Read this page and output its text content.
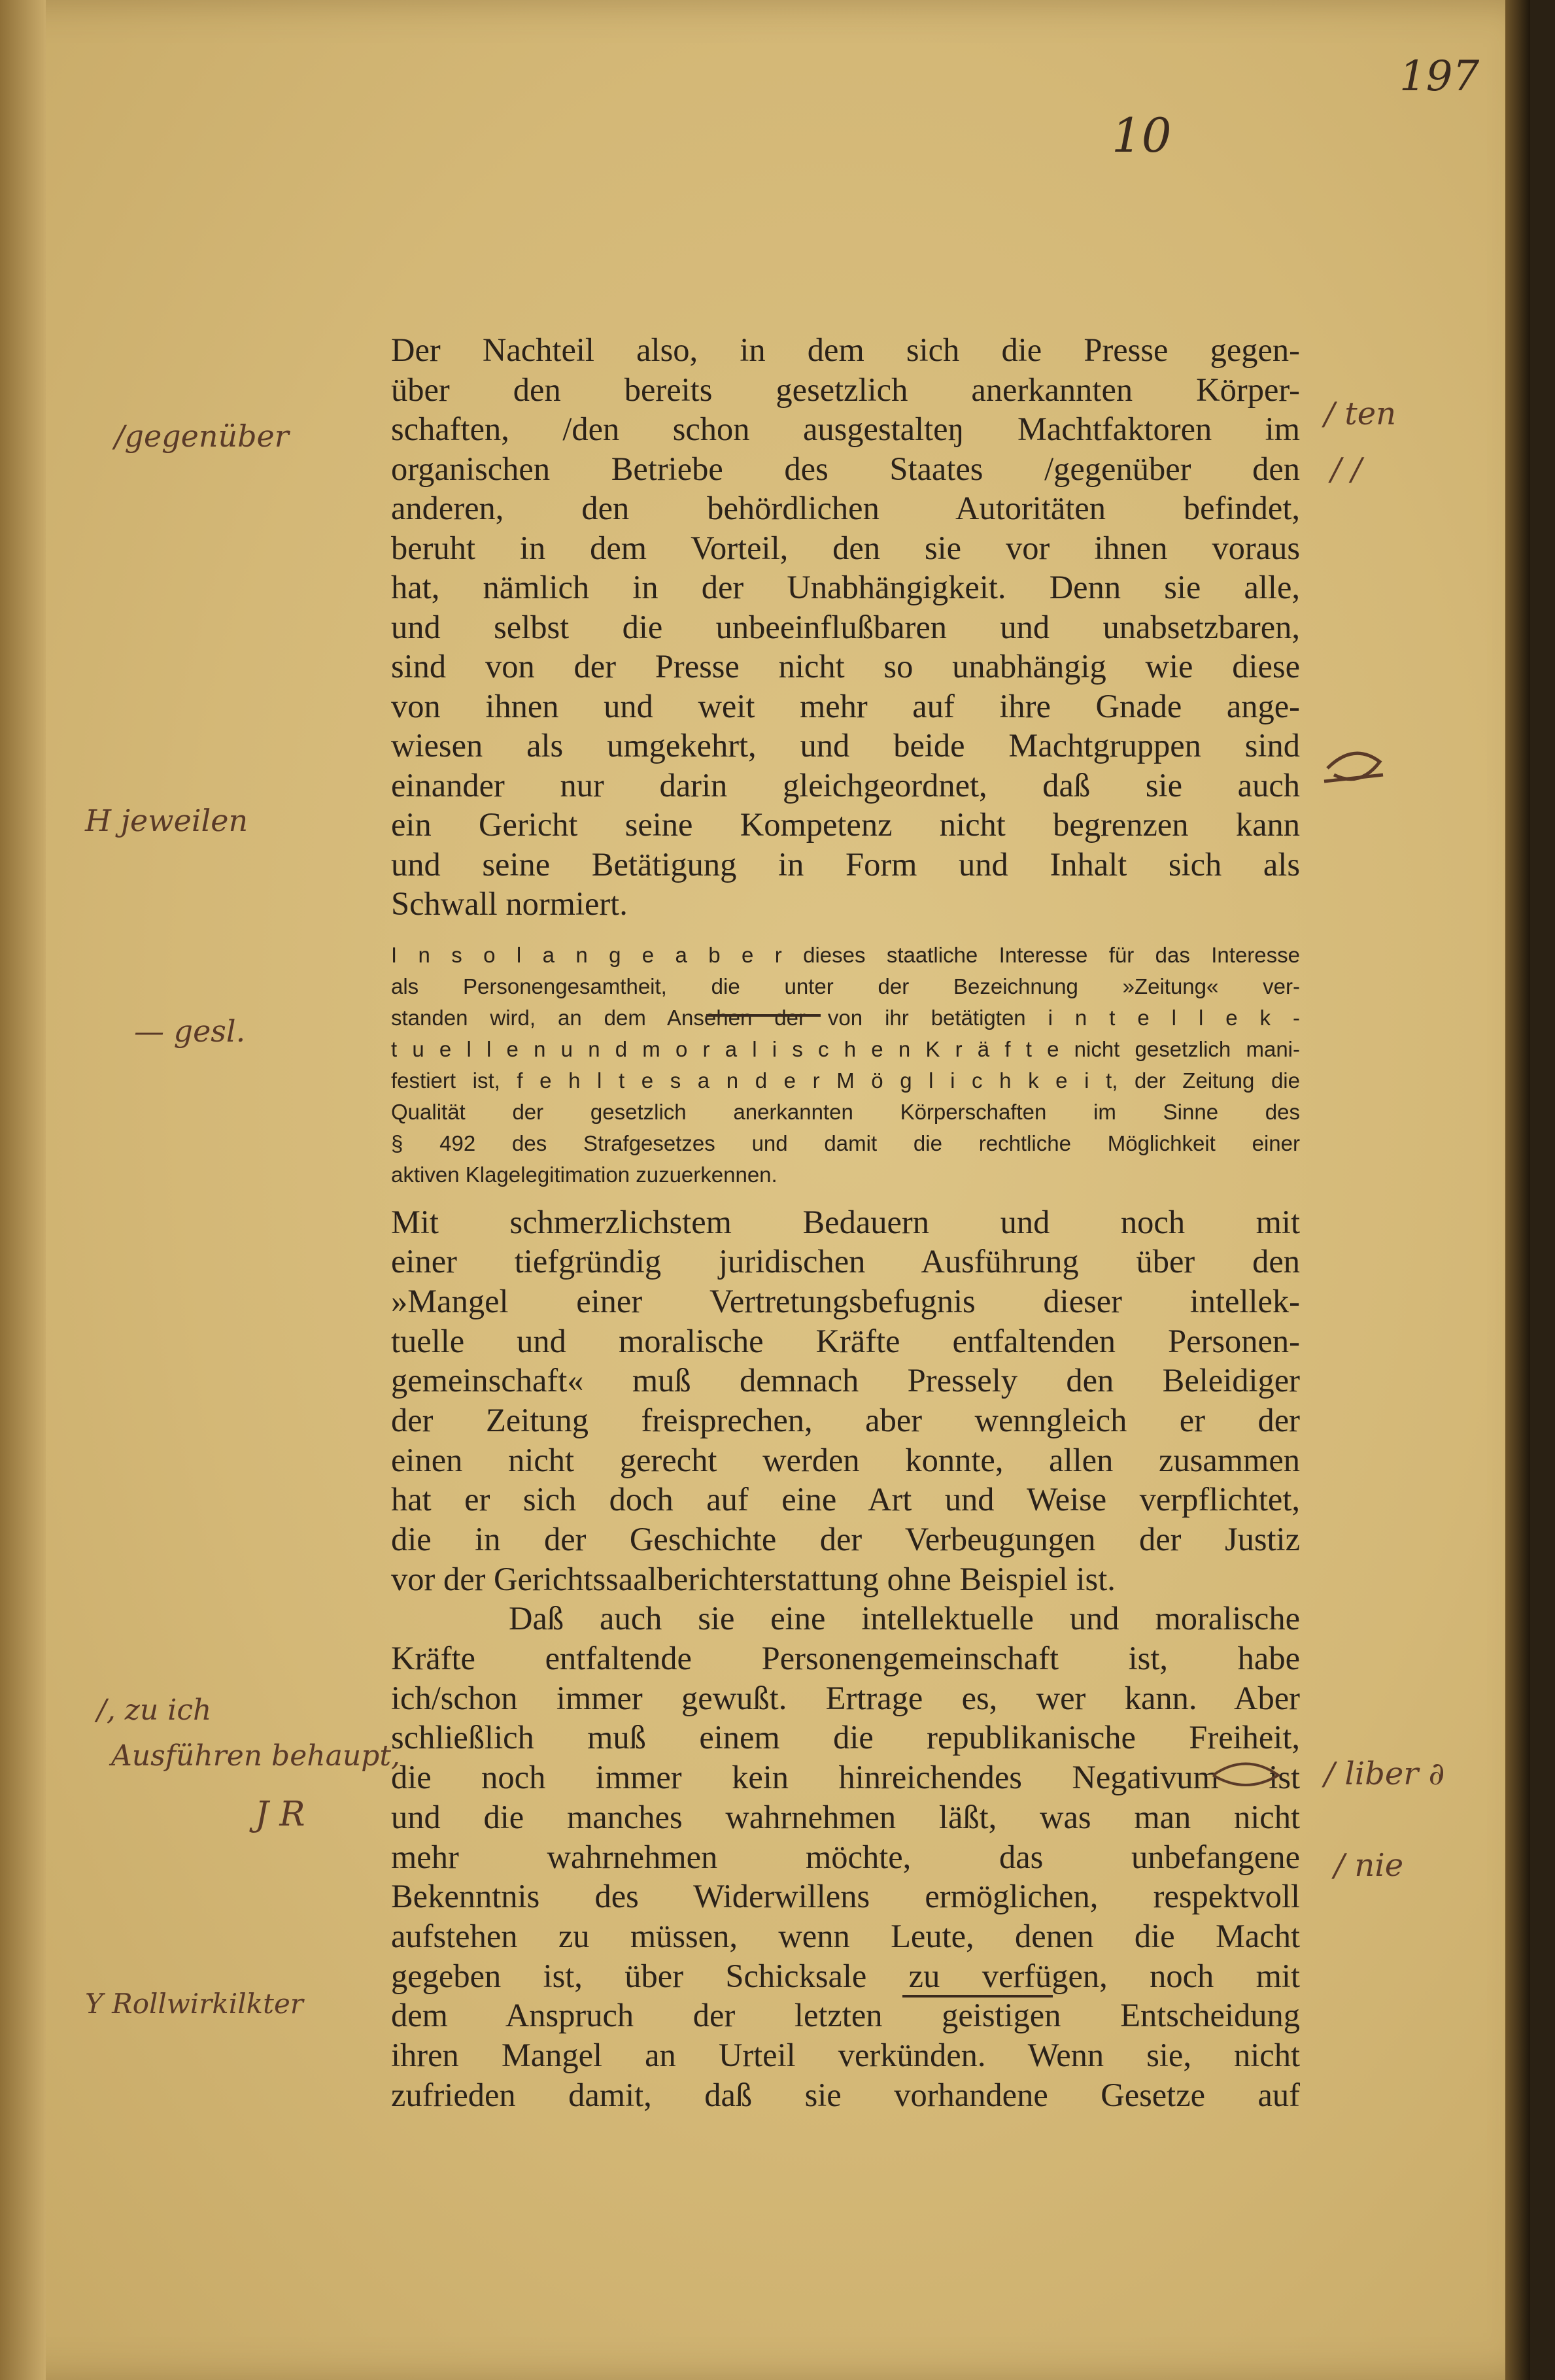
197
10
Der Nachteil also, in dem sich die Presse gegen-
über den bereits gesetzlich anerkannten Körper-
schaften, /den schon ausgestalteŋ Machtfaktoren im
organischen Betriebe des Staates /gegenüber den
anderen, den behördlichen Autoritäten befindet,
beruht in dem Vorteil, den sie vor ihnen voraus
hat, nämlich in der Unabhängigkeit. Denn sie alle,
und selbst die unbeeinflußbaren und unabsetzbaren,
sind von der Presse nicht so unabhängig wie diese
von ihnen und weit mehr auf ihre Gnade ange-
wiesen als umgekehrt, und beide Machtgruppen sind
einander nur darin gleichgeordnet, daß sie auch
ein Gericht seine Kompetenz nicht begrenzen kann
und seine Betätigung in Form und Inhalt sich als
Schwall normiert.
I n s o l a n g e a b e r dieses staatliche Interesse für das Interesse
als Personengesamtheit, die unter der Bezeichnung »Zeitung« ver-
standen wird, an dem Ansehen der von ihr betätigten i n t e l l e k -
t u e l l e n u n d m o r a l i s c h e n K r ä f t e nicht gesetzlich mani-
festiert ist, f e h l t e s a n d e r M ö g l i c h k e i t, der Zeitung die
Qualität der gesetzlich anerkannten Körperschaften im Sinne des
§ 492 des Strafgesetzes und damit die rechtliche Möglichkeit einer
aktiven Klagelegitimation zuzuerkennen.
Mit schmerzlichstem Bedauern und noch mit
einer tiefgründig juridischen Ausführung über den
»Mangel einer Vertretungsbefugnis dieser intellek-
tuelle und moralische Kräfte entfaltenden Personen-
gemeinschaft« muß demnach Pressely den Beleidiger
der Zeitung freisprechen, aber wenngleich er der
einen nicht gerecht werden konnte, allen zusammen
hat er sich doch auf eine Art und Weise verpflichtet,
die in der Geschichte der Verbeugungen der Justiz
vor der Gerichtssaalberichterstattung ohne Beispiel ist.
Daß auch sie eine intellektuelle und moralische
Kräfte entfaltende Personengemeinschaft ist, habe
ich/schon immer gewußt. Ertrage es, wer kann. Aber
schließlich muß einem die republikanische Freiheit,
die noch immer kein hinreichendes Negativum ist
und die manches wahrnehmen läßt, was man nicht
mehr wahrnehmen möchte, das unbefangene
Bekenntnis des Widerwillens ermöglichen, respektvoll
aufstehen zu müssen, wenn Leute, denen die Macht
gegeben ist, über Schicksale zu verfügen, noch mit
dem Anspruch der letzten geistigen Entscheidung
ihren Mangel an Urteil verkünden. Wenn sie, nicht
zufrieden damit, daß sie vorhandene Gesetze auf
/gegenüber
H jeweilen
— gesl.
/, zu ich
Ausführen behaupt,
J R
Y Rollwirkilkter
/ ten
/ /
/ liber ∂
/ nie
